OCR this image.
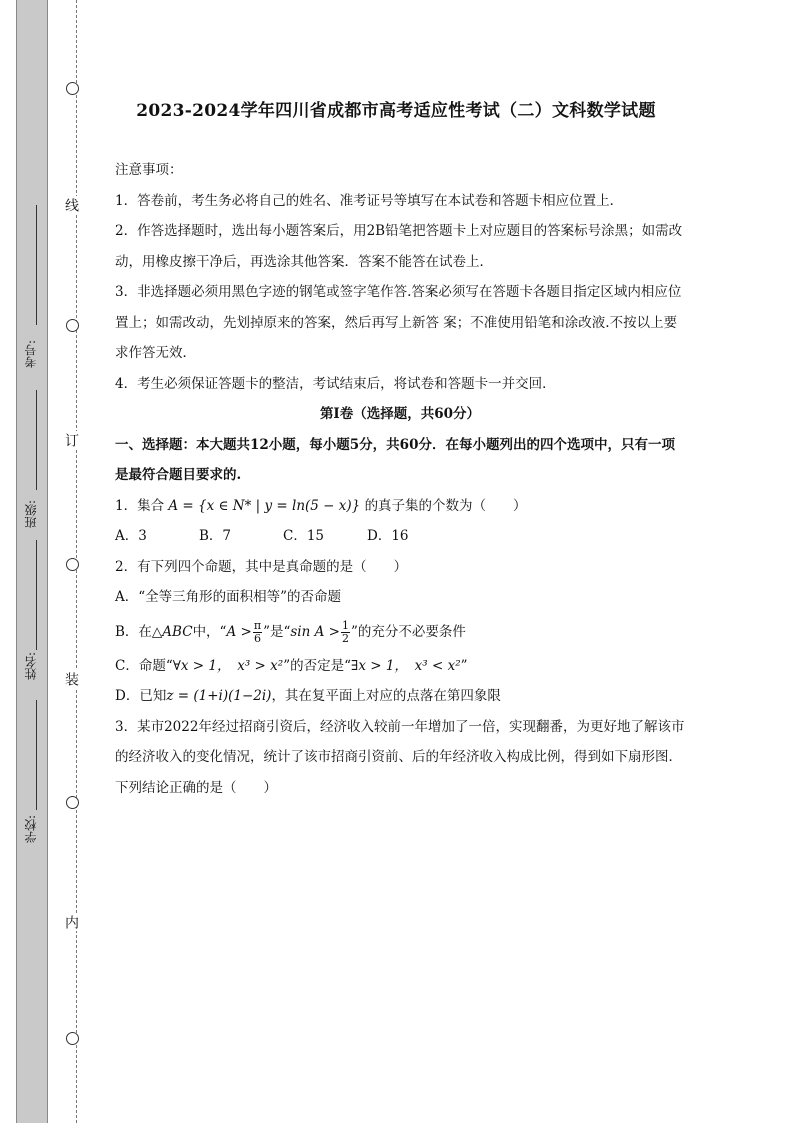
线
订
装
内
考号:
班级:
姓名:
学校:
2023-2024学年四川省成都市高考适应性考试（二）文科数学试题

注意事项：

1．答卷前，考生务必将自己的姓名、准考证号等填写在本试卷和答题卡相应位置上．

2．作答选择题时，选出每小题答案后，用2B铅笔把答题卡上对应题目的答案标号涂黑；如需改动，用橡皮擦干净后，再选涂其他答案．答案不能答在试卷上．

3．非选择题必须用黑色字迹的钢笔或签字笔作答.答案必须写在答题卡各题目指定区域内相应位置上；如需改动，先划掉原来的答案，然后再写上新答 案；不准使用铅笔和涂改液.不按以上要求作答无效．

4．考生必须保证答题卡的整洁，考试结束后，将试卷和答题卡一并交回．

第I卷（选择题，共60分）

一、选择题：本大题共12小题，每小题5分，共60分．在每小题列出的四个选项中，只有一项是最符合题目要求的.

1．集合 A = {x ∈ N* | y = ln(5 − x)} 的真子集的个数为（　　）

A．3	B．7	C．15	D．16

2．有下列四个命题，其中是真命题的是（　　）

A．“全等三角形的面积相等”的否命题

B．在△ABC中，“$A > \frac{\pi}{6}$ ”是“sin $A > \frac{1}{2}$ ”的充分不必要条件

C．命题“∀x > 1，　x³ > x²”的否定是“∃x > 1，　x³ < x²”

D．已知z = (1+i)(1−2i)，其在复平面上对应的点落在第四象限

3．某市2022年经过招商引资后，经济收入较前一年增加了一倍，实现翻番，为更好地了解该市的经济收入的变化情况，统计了该市招商引资前、后的年经济收入构成比例，得到如下扇形图．下列结论正确的是（　　）
